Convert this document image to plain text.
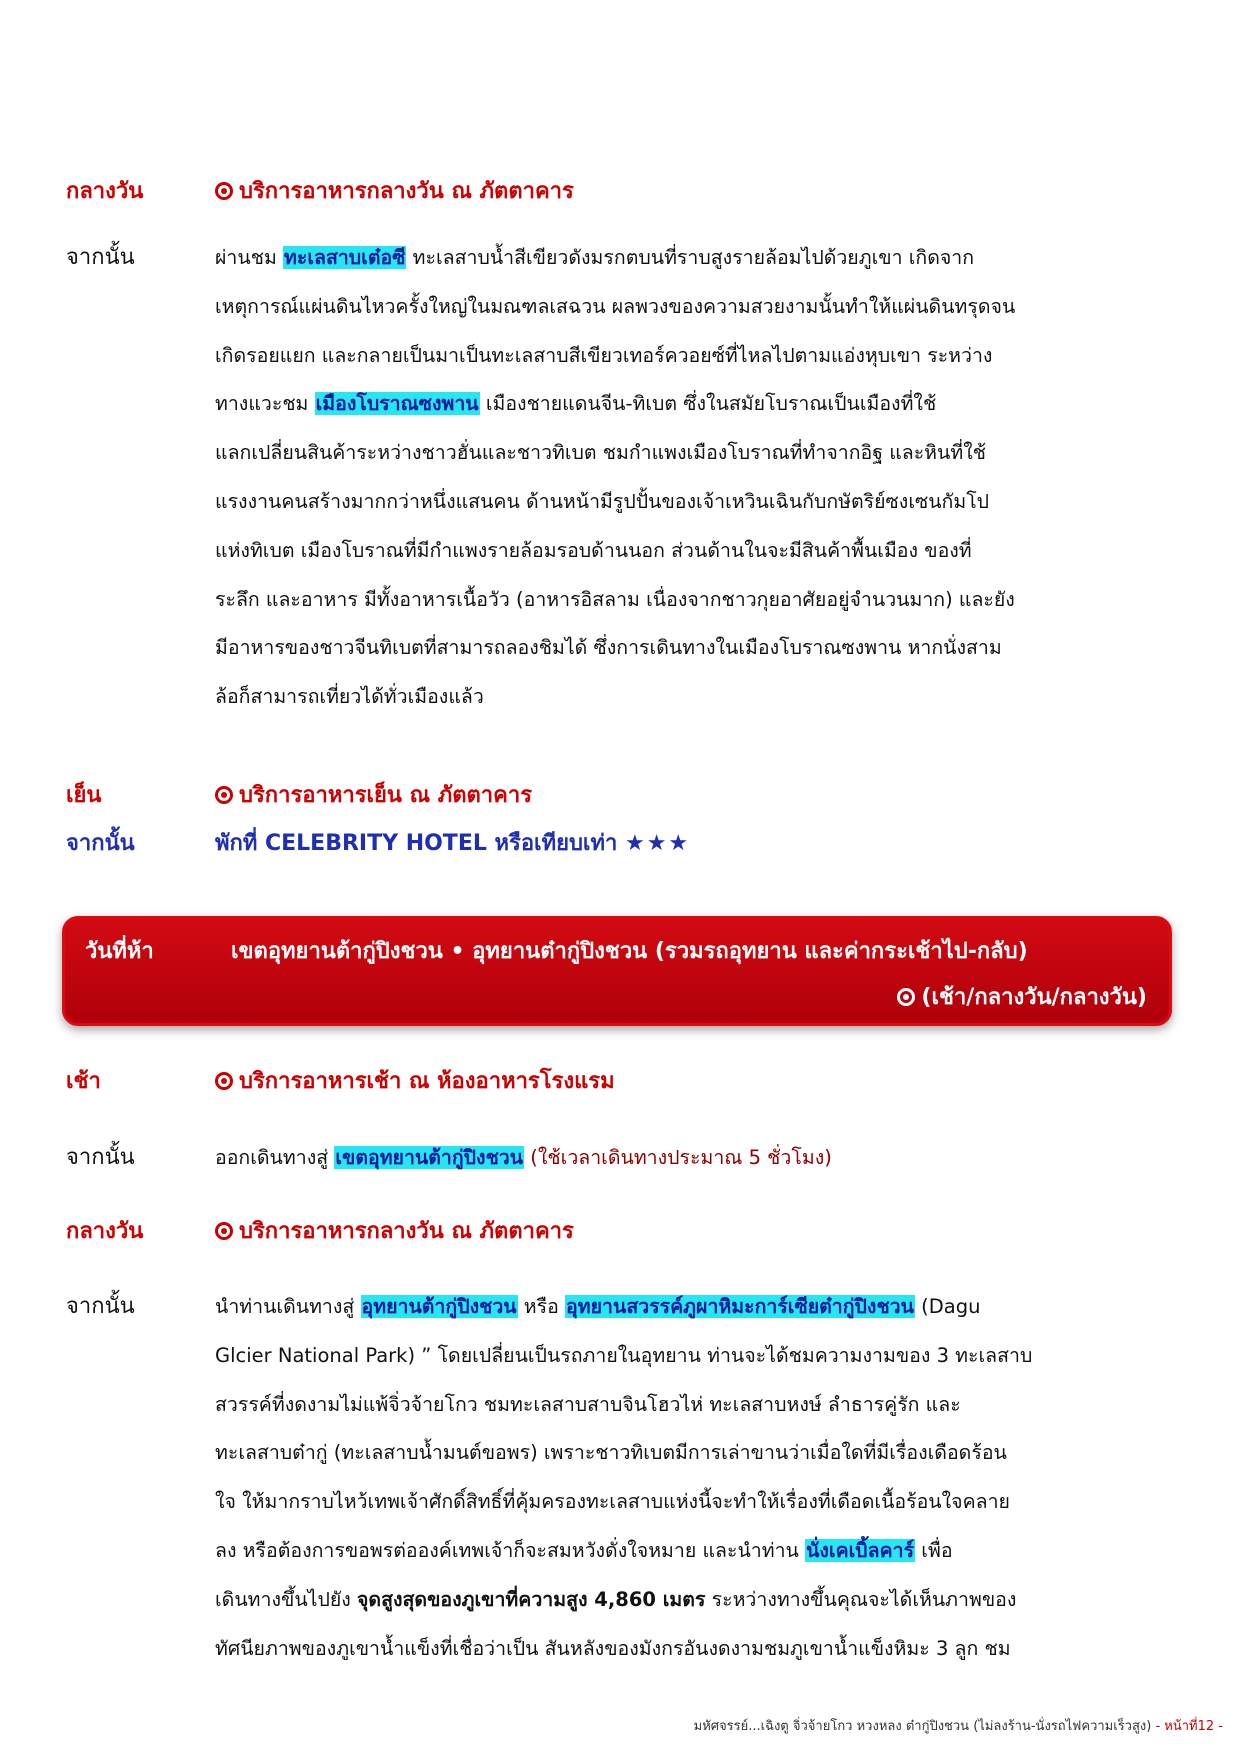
กลางวัน	บริการอาหารกลางวัน ณ ภัตตาคาร
จากนั้น	ผ่านชม ทะเลสาบเต๋อซี ทะเลสาบน้ำสีเขียวดังมรกตบนที่ราบสูงรายล้อมไปด้วยภูเขา เกิดจาก
เหตุการณ์แผ่นดินไหวครั้งใหญ่ในมณฑลเสฉวน ผลพวงของความสวยงามนั้นทำให้แผ่นดินทรุดจน
เกิดรอยแยก และกลายเป็นมาเป็นทะเลสาบสีเขียวเทอร์ควอยซ์ที่ไหลไปตามแอ่งหุบเขา ระหว่าง
ทางแวะชม เมืองโบราณซงพาน เมืองชายแดนจีน-ทิเบต ซึ่งในสมัยโบราณเป็นเมืองที่ใช้
แลกเปลี่ยนสินค้าระหว่างชาวฮั่นและชาวทิเบต ชมกำแพงเมืองโบราณที่ทำจากอิฐ และหินที่ใช้
แรงงานคนสร้างมากกว่าหนึ่งแสนคน ด้านหน้ามีรูปปั้นของเจ้าเหวินเฉินกับกษัตริย์ซงเซนกัมโป
แห่งทิเบต เมืองโบราณที่มีกำแพงรายล้อมรอบด้านนอก ส่วนด้านในจะมีสินค้าพื้นเมือง ของที่
ระลึก และอาหาร มีทั้งอาหารเนื้อวัว (อาหารอิสลาม เนื่องจากชาวกุยอาศัยอยู่จำนวนมาก) และยัง
มีอาหารของชาวจีนทิเบตที่สามารถลองชิมได้ ซึ่งการเดินทางในเมืองโบราณซงพาน หากนั่งสาม
ล้อก็สามารถเที่ยวได้ทั่วเมืองแล้ว
เย็น	บริการอาหารเย็น ณ ภัตตาคาร
จากนั้น	พักที่ CELEBRITY HOTEL หรือเทียบเท่า ★★★
วันที่ห้า	เขตอุทยานต้ากู่ปิงชวน • อุทยานต๋ากู่ปิงชวน (รวมรถอุทยาน และค่ากระเช้าไป-กลับ)
(เช้า/กลางวัน/กลางวัน)
เช้า	บริการอาหารเช้า ณ ห้องอาหารโรงแรม
จากนั้น	ออกเดินทางสู่ เขตอุทยานต้ากู่ปิงชวน (ใช้เวลาเดินทางประมาณ 5 ชั่วโมง)
กลางวัน	บริการอาหารกลางวัน ณ ภัตตาคาร
จากนั้น	นำท่านเดินทางสู่ อุทยานต้ากู่ปิงชวน หรือ อุทยานสวรรค์ภูผาหิมะการ์เซียต๋ากู่ปิงชวน (Dagu
Glcier National Park) ” โดยเปลี่ยนเป็นรถภายในอุทยาน ท่านจะได้ชมความงามของ 3 ทะเลสาบ
สวรรค์ที่งดงามไม่แพ้จิ่วจ้ายโกว ชมทะเลสาบสาบจินโฮวไห่ ทะเลสาบหงษ์ ลำธารคู่รัก และ
ทะเลสาบต๋ากู่ (ทะเลสาบน้ำมนต์ขอพร) เพราะชาวทิเบตมีการเล่าขานว่าเมื่อใดที่มีเรื่องเดือดร้อน
ใจ ให้มากราบไหว้เทพเจ้าศักดิ์สิทธิ์ที่คุ้มครองทะเลสาบแห่งนี้จะทำให้เรื่องที่เดือดเนื้อร้อนใจคลาย
ลง หรือต้องการขอพรต่อองค์เทพเจ้าก็จะสมหวังดั่งใจหมาย และนำท่าน นั่งเคเบิ้ลคาร์ เพื่อ
เดินทางขึ้นไปยัง จุดสูงสุดของภูเขาที่ความสูง 4,860 เมตร ระหว่างทางขึ้นคุณจะได้เห็นภาพของ
ทัศนียภาพของภูเขาน้ำแข็งที่เชื่อว่าเป็น สันหลังของมังกรอันงดงามชมภูเขาน้ำแข็งหิมะ 3 ลูก ชม
มหัศจรรย์...เฉิงตู จิ่วจ้ายโกว หวงหลง ต๋ากู่ปิงชวน (ไม่ลงร้าน-นั่งรถไฟความเร็วสูง) - หน้าที่12 -
